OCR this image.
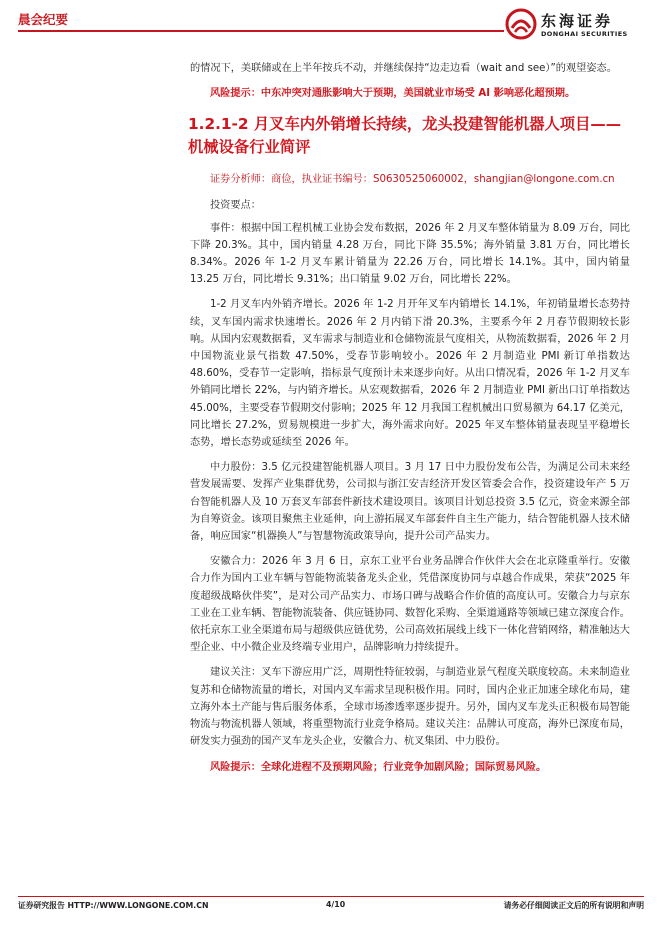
晨会纪要	东海证券
DONGHAI SECURITIES

的情况下，美联储或在上半年按兵不动，并继续保持“边走边看（wait and see）”的观望姿态。

风险提示：中东冲突对通胀影响大于预期，美国就业市场受 AI 影响恶化超预期。

1.2.1-2 月叉车内外销增长持续，龙头投建智能机器人项目——机械设备行业简评

证券分析师：商俭，执业证书编号：S0630525060002，shangjian@longone.com.cn

投资要点：

事件：根据中国工程机械工业协会发布数据，2026 年 2 月叉车整体销量为 8.09 万台，同比下降 20.3%。其中，国内销量 4.28 万台，同比下降 35.5%；海外销量 3.81 万台，同比增长 8.34%。2026 年 1-2 月叉车累计销量为 22.26 万台，同比增长 14.1%。其中，国内销量 13.25 万台，同比增长 9.31%；出口销量 9.02 万台，同比增长 22%。

1-2 月叉车内外销齐增长。2026 年 1-2 月开年叉车内销增长 14.1%，年初销量增长态势持续，叉车国内需求快速增长。2026 年 2 月内销下滑 20.3%，主要系今年 2 月春节假期较长影响。从国内宏观数据看，叉车需求与制造业和仓储物流景气度相关，从物流数据看，2026 年 2 月中国物流业景气指数 47.50%，受春节影响较小。2026 年 2 月制造业 PMI 新订单指数达 48.60%，受春节一定影响，指标景气度预计未来逐步向好。从出口情况看，2026 年 1-2 月叉车外销同比增长 22%，与内销齐增长。从宏观数据看，2026 年 2 月制造业 PMI 新出口订单指数达 45.00%，主要受春节假期交付影响；2025 年 12 月我国工程机械出口贸易额为 64.17 亿美元，同比增长 27.2%，贸易规模进一步扩大，海外需求向好。2025 年叉车整体销量表现呈平稳增长态势，增长态势或延续至 2026 年。

中力股份：3.5 亿元投建智能机器人项目。3 月 17 日中力股份发布公告，为满足公司未来经营发展需要、发挥产业集群优势，公司拟与浙江安吉经济开发区管委会合作，投资建设年产 5 万台智能机器人及 10 万套叉车部套件新技术建设项目。该项目计划总投资 3.5 亿元，资金来源全部为自筹资金。该项目聚焦主业延伸，向上游拓展叉车部套件自主生产能力，结合智能机器人技术储备，响应国家“机器换人”与智慧物流政策导向，提升公司产品实力。

安徽合力：2026 年 3 月 6 日，京东工业平台业务品牌合作伙伴大会在北京隆重举行。安徽合力作为国内工业车辆与智能物流装备龙头企业，凭借深度协同与卓越合作成果，荣获“2025 年度超级战略伙伴奖”，是对公司产品实力、市场口碑与战略合作价值的高度认可。安徽合力与京东工业在工业车辆、智能物流装备、供应链协同、数智化采购、全渠道通路等领域已建立深度合作。依托京东工业全渠道布局与超级供应链优势，公司高效拓展线上线下一体化营销网络，精准触达大型企业、中小微企业及终端专业用户，品牌影响力持续提升。

建议关注：叉车下游应用广泛，周期性特征较弱，与制造业景气程度关联度较高。未来制造业复苏和仓储物流量的增长，对国内叉车需求呈现积极作用。同时，国内企业正加速全球化布局，建立海外本土产能与售后服务体系，全球市场渗透率逐步提升。另外，国内叉车龙头正积极布局智能物流与物流机器人领域，将重塑物流行业竞争格局。建议关注：品牌认可度高，海外已深度布局，研发实力强劲的国产叉车龙头企业，安徽合力、杭叉集团、中力股份。

风险提示：全球化进程不及预期风险；行业竞争加剧风险；国际贸易风险。

证券研究报告 HTTP://WWW.LONGONE.COM.CN	4/10	请务必仔细阅读正文后的所有说明和声明
